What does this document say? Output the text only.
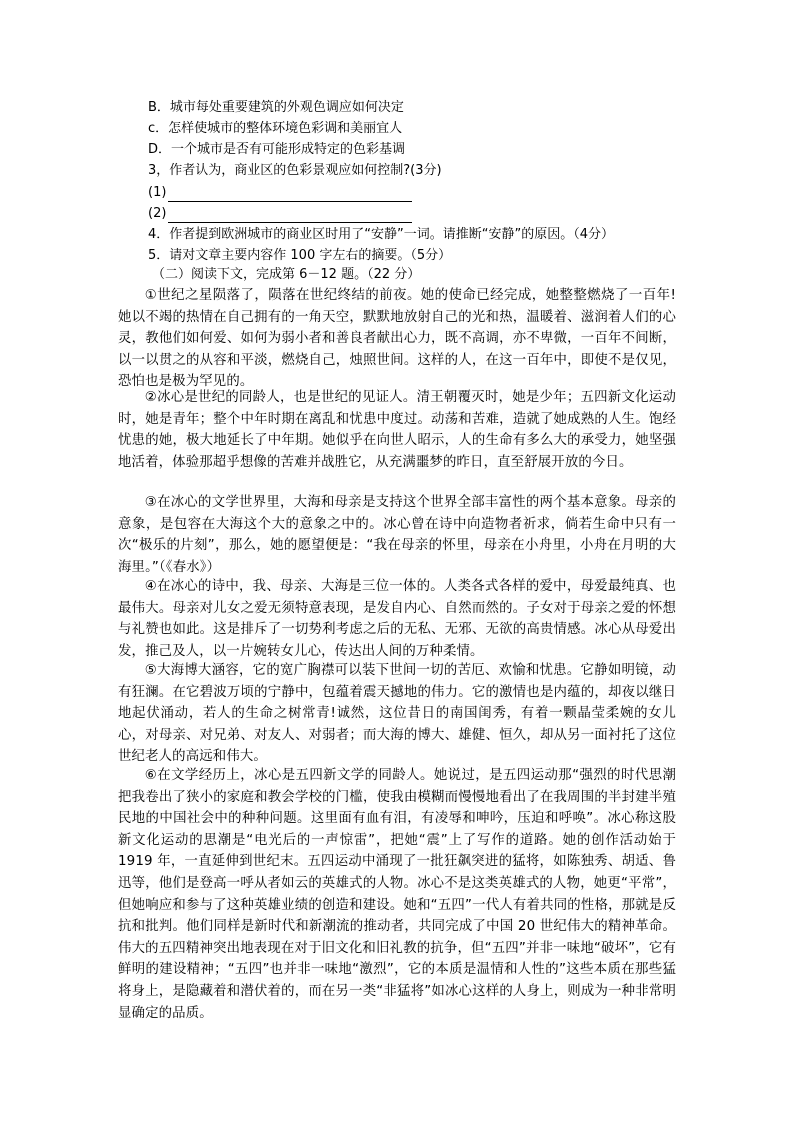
B．城市每处重要建筑的外观色调应如何决定
c．怎样使城市的整体环境色彩调和美丽宜人
D．一个城市是否有可能形成特定的色彩基调
3，作者认为，商业区的色彩景观应如何控制?(3分)
(1)
(2)
4．作者提到欧洲城市的商业区时用了“安静”一词。请推断“安静”的原因。（4分）
5．请对文章主要内容作 100 字左右的摘要。（5分）
（二）阅读下文，完成第 6－12 题。（22 分）

①世纪之星陨落了，陨落在世纪终结的前夜。她的使命已经完成，她整整燃烧了一百年!她以不竭的热情在自己拥有的一角天空，默默地放射自己的光和热，温暖着、滋润着人们的心灵，教他们如何爱、如何为弱小者和善良者献出心力，既不高调，亦不卑微，一百年不间断，以一以贯之的从容和平淡，燃烧自己，烛照世间。这样的人，在这一百年中，即使不是仅见，恐怕也是极为罕见的。

②冰心是世纪的同龄人，也是世纪的见证人。清王朝覆灭时，她是少年；五四新文化运动时，她是青年；整个中年时期在离乱和忧患中度过。动荡和苦难，造就了她成熟的人生。饱经忧患的她，极大地延长了中年期。她似乎在向世人昭示，人的生命有多么大的承受力，她坚强地活着，体验那超乎想像的苦难并战胜它，从充满噩梦的昨日，直至舒展开放的今日。

③在冰心的文学世界里，大海和母亲是支持这个世界全部丰富性的两个基本意象。母亲的意象，是包容在大海这个大的意象之中的。冰心曾在诗中向造物者祈求，倘若生命中只有一次“极乐的片刻”，那么，她的愿望便是：“我在母亲的怀里，母亲在小舟里，小舟在月明的大海里。”（《春水》）

④在冰心的诗中，我、母亲、大海是三位一体的。人类各式各样的爱中，母爱最纯真、也最伟大。母亲对儿女之爱无须特意表现，是发自内心、自然而然的。子女对于母亲之爱的怀想与礼赞也如此。这是排斥了一切势利考虑之后的无私、无邪、无欲的高贵情感。冰心从母爱出发，推己及人，以一片婉转女儿心，传达出人间的万种柔情。

⑤大海博大涵容，它的宽广胸襟可以装下世间一切的苦厄、欢愉和忧患。它静如明镜，动有狂澜。在它碧波万顷的宁静中，包蕴着震天撼地的伟力。它的激情也是内蕴的，却夜以继日地起伏涌动，若人的生命之树常青!诚然，这位昔日的南国闺秀，有着一颗晶莹柔婉的女儿心，对母亲、对兄弟、对友人、对弱者；而大海的博大、雄健、恒久，却从另一面衬托了这位世纪老人的高远和伟大。

⑥在文学经历上，冰心是五四新文学的同龄人。她说过，是五四运动那“强烈的时代思潮把我卷出了狭小的家庭和教会学校的门槛，使我由模糊而慢慢地看出了在我周围的半封建半殖民地的中国社会中的种种问题。这里面有血有泪，有凌辱和呻吟，压迫和呼唤”。冰心称这股新文化运动的思潮是“电光后的一声惊雷”，把她“震”上了写作的道路。她的创作活动始于 1919 年，一直延伸到世纪末。五四运动中涌现了一批狂飙突进的猛将，如陈独秀、胡适、鲁迅等，他们是登高一呼从者如云的英雄式的人物。冰心不是这类英雄式的人物，她更“平常”，但她响应和参与了这种英雄业绩的创造和建设。她和“五四”一代人有着共同的性格，那就是反抗和批判。他们同样是新时代和新潮流的推动者，共同完成了中国 20 世纪伟大的精神革命。伟大的五四精神突出地表现在对于旧文化和旧礼教的抗争，但“五四”并非一味地“破坏”，它有鲜明的建设精神；“五四”也并非一味地“激烈”，它的本质是温情和人性的”这些本质在那些猛将身上，是隐藏着和潜伏着的，而在另一类“非猛将”如冰心这样的人身上，则成为一种非常明显确定的品质。
